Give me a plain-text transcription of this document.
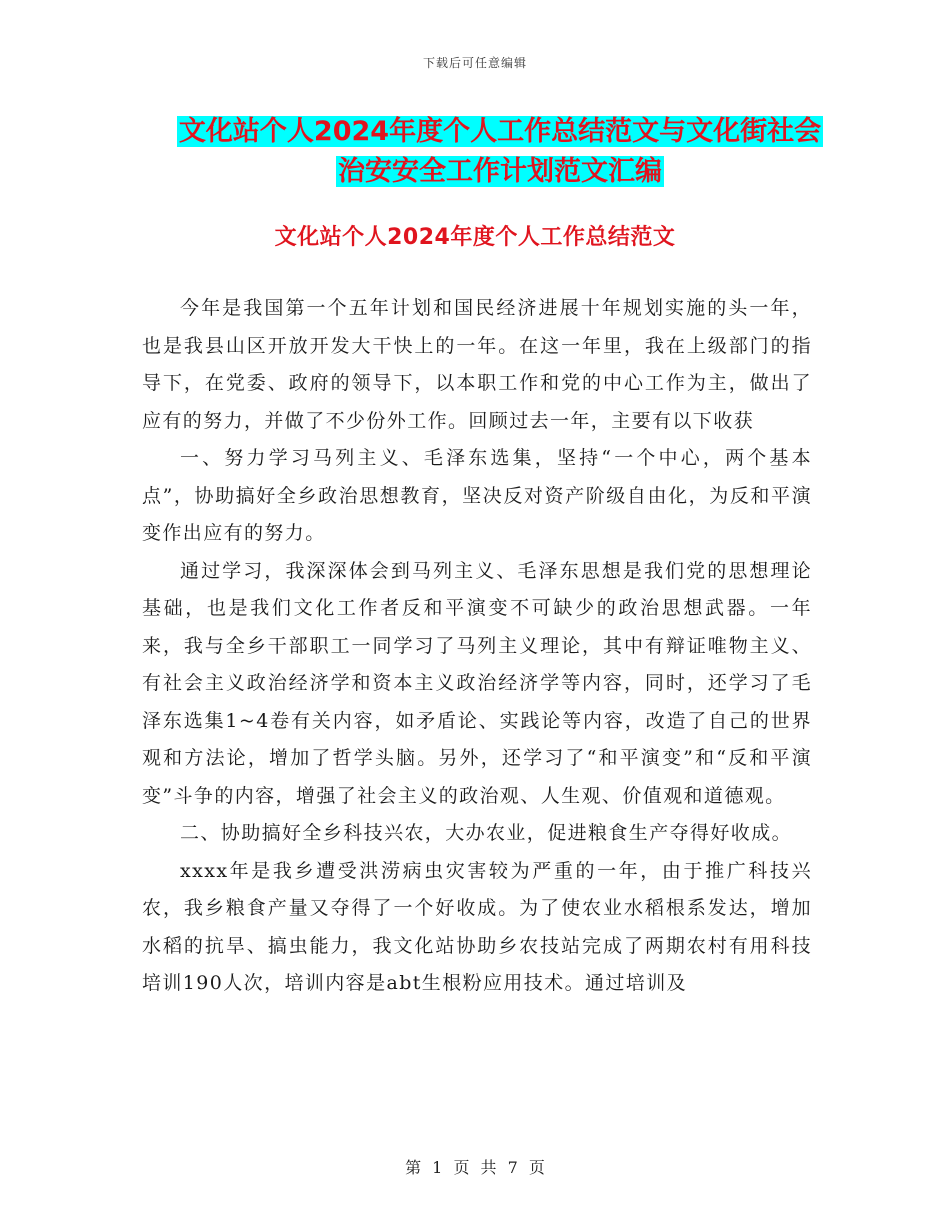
下载后可任意编辑
文化站个人2024年度个人工作总结范文与文化街社会
治安安全工作计划范文汇编
文化站个人2024年度个人工作总结范文

今年是我国第一个五年计划和国民经济进展十年规划实施的头一年，也是我县山区开放开发大干快上的一年。在这一年里，我在上级部门的指导下，在党委、政府的领导下，以本职工作和党的中心工作为主，做出了应有的努力，并做了不少份外工作。回顾过去一年，主要有以下收获

一、努力学习马列主义、毛泽东选集，坚持“一个中心，两个基本点”，协助搞好全乡政治思想教育，坚决反对资产阶级自由化，为反和平演变作出应有的努力。

通过学习，我深深体会到马列主义、毛泽东思想是我们党的思想理论基础，也是我们文化工作者反和平演变不可缺少的政治思想武器。一年来，我与全乡干部职工一同学习了马列主义理论，其中有辩证唯物主义、有社会主义政治经济学和资本主义政治经济学等内容，同时，还学习了毛泽东选集1~4卷有关内容，如矛盾论、实践论等内容，改造了自己的世界观和方法论，增加了哲学头脑。另外，还学习了“和平演变”和“反和平演变”斗争的内容，增强了社会主义的政治观、人生观、价值观和道德观。

二、协助搞好全乡科技兴农，大办农业，促进粮食生产夺得好收成。

xxxx年是我乡遭受洪涝病虫灾害较为严重的一年，由于推广科技兴农，我乡粮食产量又夺得了一个好收成。为了使农业水稻根系发达，增加水稻的抗旱、搞虫能力，我文化站协助乡农技站完成了两期农村有用科技培训190人次，培训内容是abt生根粉应用技术。通过培训及

第 1 页 共 7 页
